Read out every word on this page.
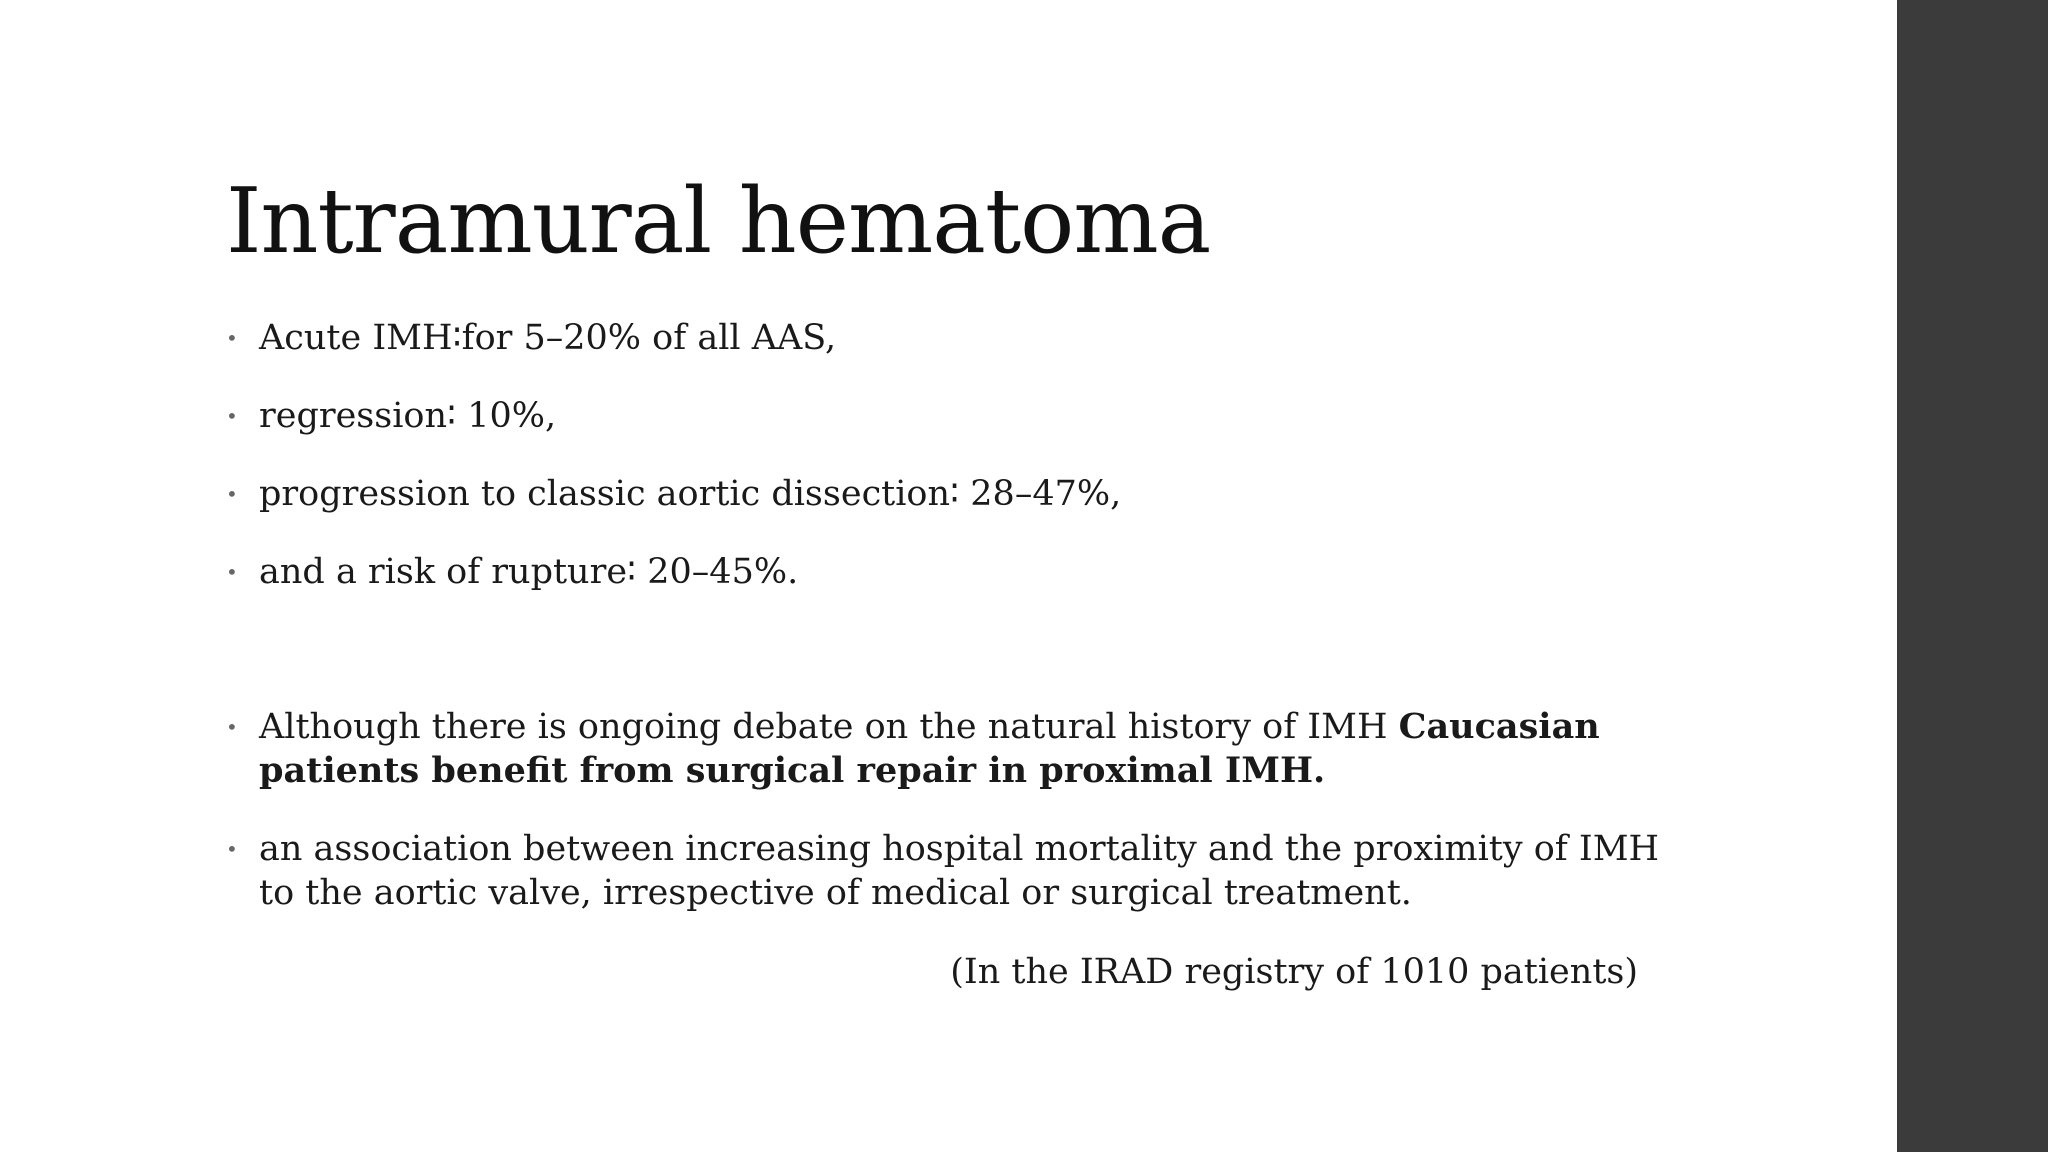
Intramural hematoma
• Acute IMH∶for 5–20% of all AAS,
• regression∶ 10%,
• progression to classic aortic dissection∶ 28–47%,
• and a risk of rupture∶ 20–45%.
• Although there is ongoing debate on the natural history of IMH Caucasian patients benefit from surgical repair in proximal IMH.
• an association between increasing hospital mortality and the proximity of IMH to the aortic valve, irrespective of medical or surgical treatment.
(In the IRAD registry of 1010 patients)
